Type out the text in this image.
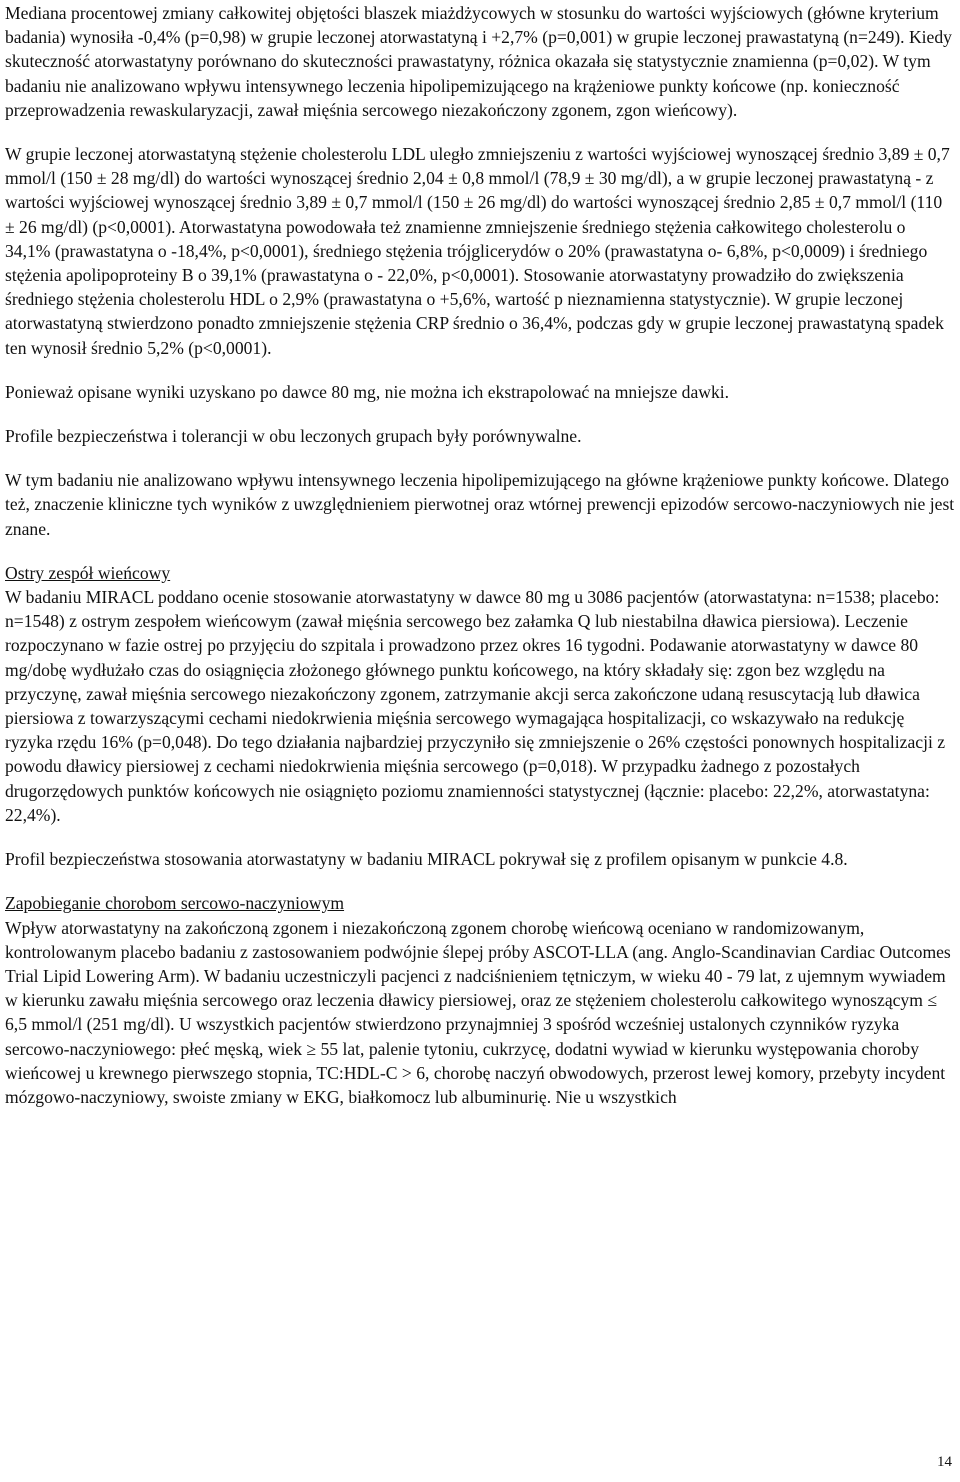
Mediana procentowej zmiany całkowitej objętości blaszek miażdżycowych w stosunku do wartości wyjściowych (główne kryterium badania) wynosiła -0,4% (p=0,98) w grupie leczonej atorwastatyną i +2,7% (p=0,001) w grupie leczonej prawastatyną (n=249). Kiedy skuteczność atorwastatyny porównano do skuteczności prawastatyny, różnica okazała się statystycznie znamienna (p=0,02). W tym badaniu nie analizowano wpływu intensywnego leczenia hipolipemizującego na krążeniowe punkty końcowe (np. konieczność przeprowadzenia rewaskularyzacji, zawał mięśnia sercowego niezakończony zgonem, zgon wieńcowy).

W grupie leczonej atorwastatyną stężenie cholesterolu LDL uległo zmniejszeniu z wartości wyjściowej wynoszącej średnio 3,89 ± 0,7 mmol/l (150 ± 28 mg/dl) do wartości wynoszącej średnio 2,04 ± 0,8 mmol/l (78,9 ± 30 mg/dl), a w grupie leczonej prawastatyną - z wartości wyjściowej wynoszącej średnio 3,89 ± 0,7 mmol/l (150 ± 26 mg/dl) do wartości wynoszącej średnio 2,85 ± 0,7 mmol/l (110 ± 26 mg/dl) (p<0,0001). Atorwastatyna powodowała też znamienne zmniejszenie średniego stężenia całkowitego cholesterolu o 34,1% (prawastatyna o -18,4%, p<0,0001), średniego stężenia trójglicerydów o 20% (prawastatyna o- 6,8%, p<0,0009) i średniego stężenia apolipoproteiny B o 39,1% (prawastatyna o - 22,0%, p<0,0001). Stosowanie atorwastatyny prowadziło do zwiększenia średniego stężenia cholesterolu HDL o 2,9% (prawastatyna o +5,6%, wartość p nieznamienna statystycznie). W grupie leczonej atorwastatyną stwierdzono ponadto zmniejszenie stężenia CRP średnio o 36,4%, podczas gdy w grupie leczonej prawastatyną spadek ten wynosił średnio 5,2% (p<0,0001).

Ponieważ opisane wyniki uzyskano po dawce 80 mg, nie można ich ekstrapolować na mniejsze dawki.

Profile bezpieczeństwa i tolerancji w obu leczonych grupach były porównywalne.

W tym badaniu nie analizowano wpływu intensywnego leczenia hipolipemizującego na główne krążeniowe punkty końcowe. Dlatego też, znaczenie kliniczne tych wyników z uwzględnieniem pierwotnej oraz wtórnej prewencji epizodów sercowo-naczyniowych nie jest znane.

Ostry zespół wieńcowy
W badaniu MIRACL poddano ocenie stosowanie atorwastatyny w dawce 80 mg u 3086 pacjentów (atorwastatyna: n=1538; placebo: n=1548) z ostrym zespołem wieńcowym (zawał mięśnia sercowego bez załamka Q lub niestabilna dławica piersiowa). Leczenie rozpoczynano w fazie ostrej po przyjęciu do szpitala i prowadzono przez okres 16 tygodni. Podawanie atorwastatyny w dawce 80 mg/dobę wydłużało czas do osiągnięcia złożonego głównego punktu końcowego, na który składały się: zgon bez względu na przyczynę, zawał mięśnia sercowego niezakończony zgonem, zatrzymanie akcji serca zakończone udaną resuscytacją lub dławica piersiowa z towarzyszącymi cechami niedokrwienia mięśnia sercowego wymagająca hospitalizacji, co wskazywało na redukcję ryzyka rzędu 16% (p=0,048). Do tego działania najbardziej przyczyniło się zmniejszenie o 26% częstości ponownych hospitalizacji z powodu dławicy piersiowej z cechami niedokrwienia mięśnia sercowego (p=0,018). W przypadku żadnego z pozostałych drugorzędowych punktów końcowych nie osiągnięto poziomu znamienności statystycznej (łącznie: placebo: 22,2%, atorwastatyna: 22,4%).

Profil bezpieczeństwa stosowania atorwastatyny w badaniu MIRACL pokrywał się z profilem opisanym w punkcie 4.8.

Zapobieganie chorobom sercowo-naczyniowym
Wpływ atorwastatyny na zakończoną zgonem i niezakończoną zgonem chorobę wieńcową oceniano w randomizowanym, kontrolowanym placebo badaniu z zastosowaniem podwójnie ślepej próby ASCOT-LLA (ang. Anglo-Scandinavian Cardiac Outcomes Trial Lipid Lowering Arm). W badaniu uczestniczyli pacjenci z nadciśnieniem tętniczym, w wieku 40 - 79 lat, z ujemnym wywiadem w kierunku zawału mięśnia sercowego oraz leczenia dławicy piersiowej, oraz ze stężeniem cholesterolu całkowitego wynoszącym ≤ 6,5 mmol/l (251 mg/dl). U wszystkich pacjentów stwierdzono przynajmniej 3 spośród wcześniej ustalonych czynników ryzyka sercowo-naczyniowego: płeć męską, wiek ≥ 55 lat, palenie tytoniu, cukrzycę, dodatni wywiad w kierunku występowania choroby wieńcowej u krewnego pierwszego stopnia, TC:HDL-C > 6, chorobę naczyń obwodowych, przerost lewej komory, przebyty incydent mózgowo-naczyniowy, swoiste zmiany w EKG, białkomocz lub albuminurię. Nie u wszystkich

14
